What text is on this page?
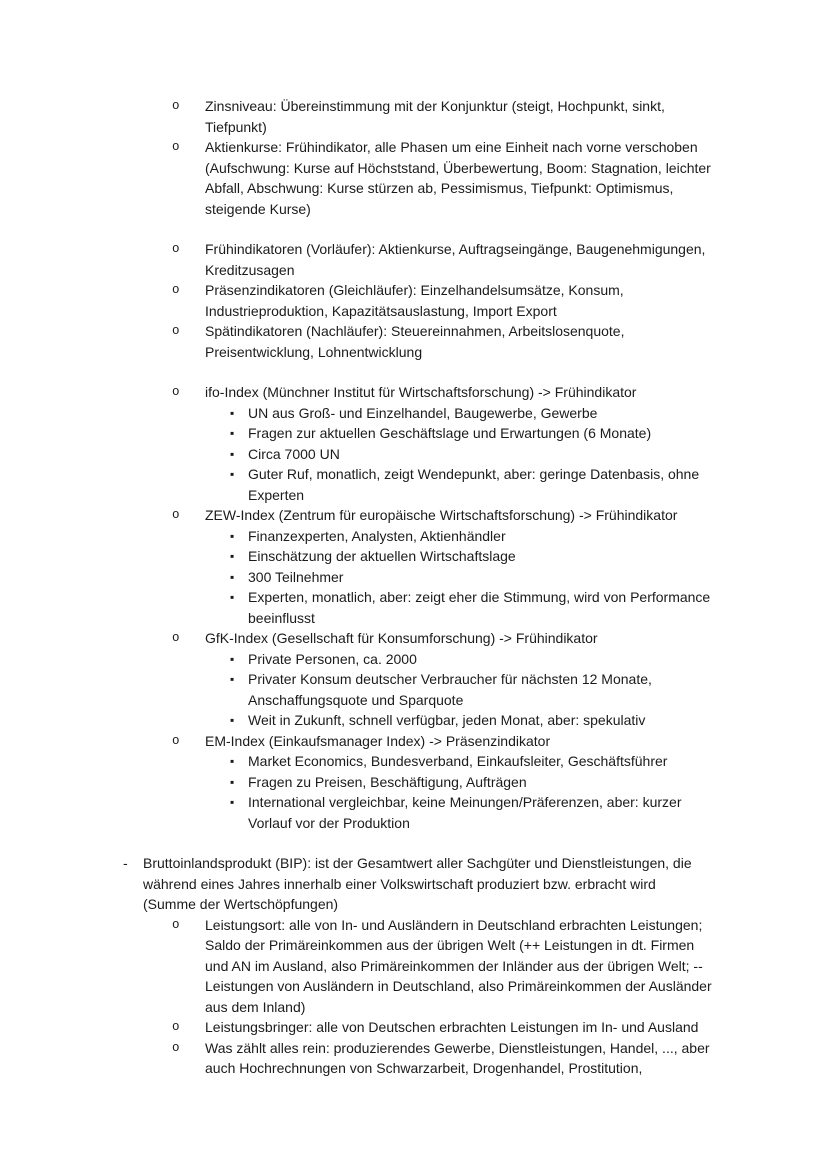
o	Zinsniveau: Übereinstimmung mit der Konjunktur (steigt, Hochpunkt, sinkt, Tiefpunkt)
o	Aktienkurse: Frühindikator, alle Phasen um eine Einheit nach vorne verschoben (Aufschwung: Kurse auf Höchststand, Überbewertung, Boom: Stagnation, leichter Abfall, Abschwung: Kurse stürzen ab, Pessimismus, Tiefpunkt: Optimismus, steigende Kurse)
o	Frühindikatoren (Vorläufer): Aktienkurse, Auftragseingänge, Baugenehmigungen, Kreditzusagen
o	Präsenzindikatoren (Gleichläufer): Einzelhandelsumsätze, Konsum, Industrieproduktion, Kapazitätsauslastung, Import Export
o	Spätindikatoren (Nachläufer): Steuereinnahmen, Arbeitslosenquote, Preisentwicklung, Lohnentwicklung
o	ifo-Index (Münchner Institut für Wirtschaftsforschung) -> Frühindikator
▪ UN aus Groß- und Einzelhandel, Baugewerbe, Gewerbe
▪ Fragen zur aktuellen Geschäftslage und Erwartungen (6 Monate)
▪ Circa 7000 UN
▪ Guter Ruf, monatlich, zeigt Wendepunkt, aber: geringe Datenbasis, ohne Experten
o	ZEW-Index (Zentrum für europäische Wirtschaftsforschung) -> Frühindikator
▪ Finanzexperten, Analysten, Aktienhändler
▪ Einschätzung der aktuellen Wirtschaftslage
▪ 300 Teilnehmer
▪ Experten, monatlich, aber: zeigt eher die Stimmung, wird von Performance beeinflusst
o	GfK-Index (Gesellschaft für Konsumforschung) -> Frühindikator
▪ Private Personen, ca. 2000
▪ Privater Konsum deutscher Verbraucher für nächsten 12 Monate, Anschaffungsquote und Sparquote
▪ Weit in Zukunft, schnell verfügbar, jeden Monat, aber: spekulativ
o	EM-Index (Einkaufsmanager Index) -> Präsenzindikator
▪ Market Economics, Bundesverband, Einkaufsleiter, Geschäftsführer
▪ Fragen zu Preisen, Beschäftigung, Aufträgen
▪ International vergleichbar, keine Meinungen/Präferenzen, aber: kurzer Vorlauf vor der Produktion
-	Bruttoinlandsprodukt (BIP): ist der Gesamtwert aller Sachgüter und Dienstleistungen, die während eines Jahres innerhalb einer Volkswirtschaft produziert bzw. erbracht wird (Summe der Wertschöpfungen)
o	Leistungsort: alle von In- und Ausländern in Deutschland erbrachten Leistungen; Saldo der Primäreinkommen aus der übrigen Welt (++ Leistungen in dt. Firmen und AN im Ausland, also Primäreinkommen der Inländer aus der übrigen Welt; -- Leistungen von Ausländern in Deutschland, also Primäreinkommen der Ausländer aus dem Inland)
o	Leistungsbringer: alle von Deutschen erbrachten Leistungen im In- und Ausland
o	Was zählt alles rein: produzierendes Gewerbe, Dienstleistungen, Handel, ..., aber auch Hochrechnungen von Schwarzarbeit, Drogenhandel, Prostitution,
